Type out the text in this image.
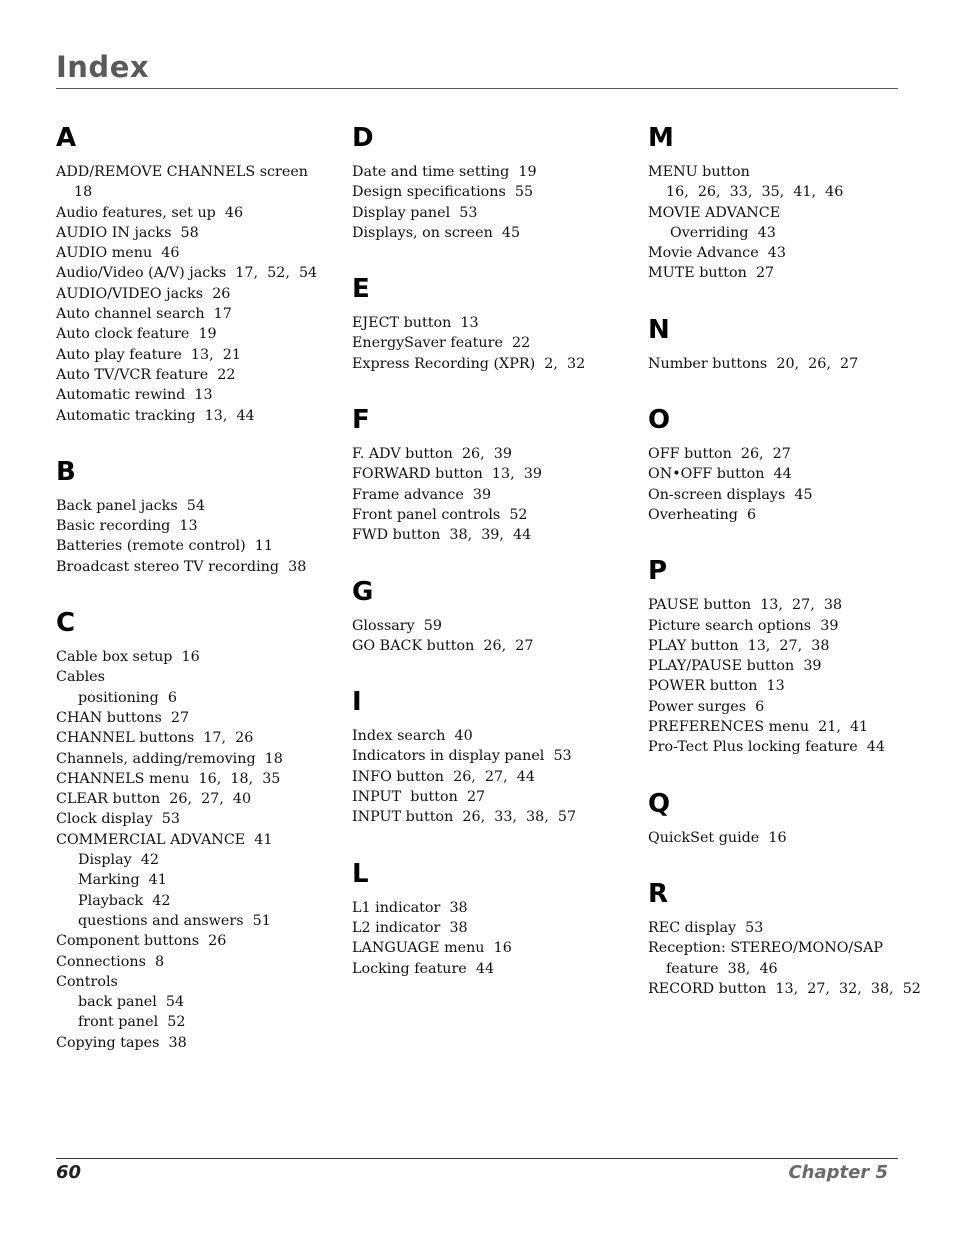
Index
A
ADD/REMOVE CHANNELS screen
18
Audio features, set up  46
AUDIO IN jacks  58
AUDIO menu  46
Audio/Video (A/V) jacks  17,  52,  54
AUDIO/VIDEO jacks  26
Auto channel search  17
Auto clock feature  19
Auto play feature  13,  21
Auto TV/VCR feature  22
Automatic rewind  13
Automatic tracking  13,  44
B
Back panel jacks  54
Basic recording  13
Batteries (remote control)  11
Broadcast stereo TV recording  38
C
Cable box setup  16
Cables
positioning  6
CHAN buttons  27
CHANNEL buttons  17,  26
Channels, adding/removing  18
CHANNELS menu  16,  18,  35
CLEAR button  26,  27,  40
Clock display  53
COMMERCIAL ADVANCE  41
Display  42
Marking  41
Playback  42
questions and answers  51
Component buttons  26
Connections  8
Controls
back panel  54
front panel  52
Copying tapes  38
D
Date and time setting  19
Design specifications  55
Display panel  53
Displays, on screen  45
E
EJECT button  13
EnergySaver feature  22
Express Recording (XPR)  2,  32
F
F. ADV button  26,  39
FORWARD button  13,  39
Frame advance  39
Front panel controls  52
FWD button  38,  39,  44
G
Glossary  59
GO BACK button  26,  27
I
Index search  40
Indicators in display panel  53
INFO button  26,  27,  44
INPUT  button  27
INPUT button  26,  33,  38,  57
L
L1 indicator  38
L2 indicator  38
LANGUAGE menu  16
Locking feature  44
M
MENU button
16,  26,  33,  35,  41,  46
MOVIE ADVANCE
Overriding  43
Movie Advance  43
MUTE button  27
N
Number buttons  20,  26,  27
O
OFF button  26,  27
ON•OFF button  44
On-screen displays  45
Overheating  6
P
PAUSE button  13,  27,  38
Picture search options  39
PLAY button  13,  27,  38
PLAY/PAUSE button  39
POWER button  13
Power surges  6
PREFERENCES menu  21,  41
Pro-Tect Plus locking feature  44
Q
QuickSet guide  16
R
REC display  53
Reception: STEREO/MONO/SAP
feature  38,  46
RECORD button  13,  27,  32,  38,  52
60	Chapter 5
